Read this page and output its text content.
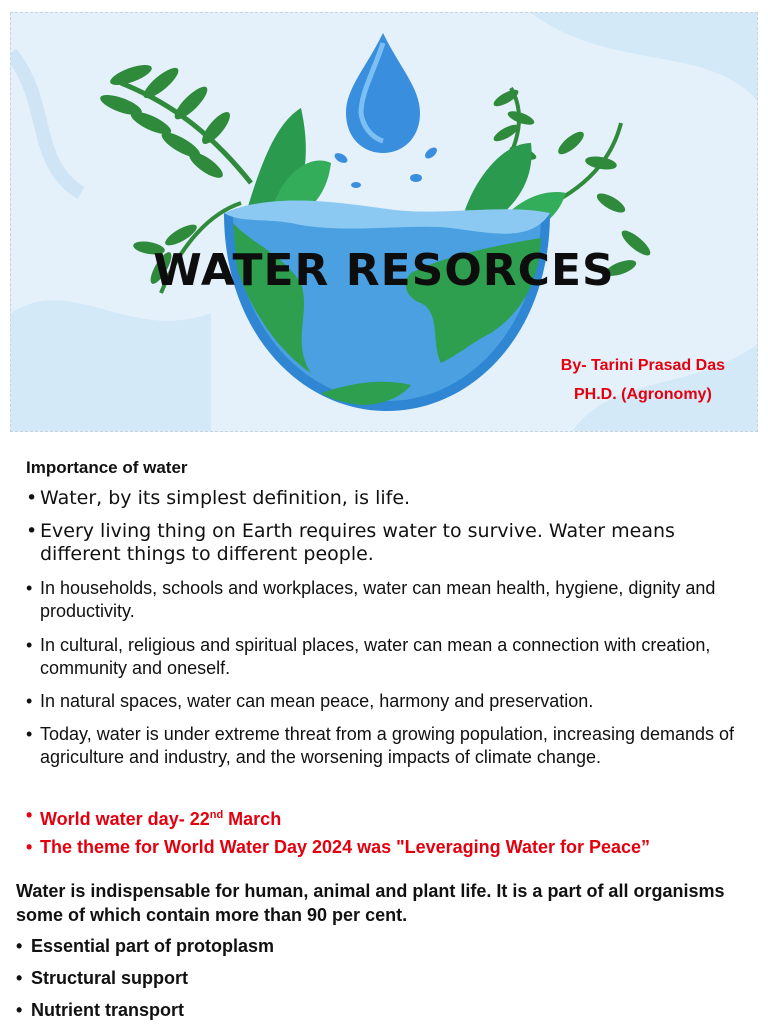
WATER RESORCES
By- Tarini Prasad Das
PH.D. (Agronomy)
Importance of water
• Water, by its simplest definition, is life.
• Every living thing on Earth requires water to survive. Water means different things to different people.
• In households, schools and workplaces, water can mean health, hygiene, dignity and productivity.
• In cultural, religious and spiritual places, water can mean a connection with creation, community and oneself.
• In natural spaces, water can mean peace, harmony and preservation.
• Today, water is under extreme threat from a growing population, increasing demands of agriculture and industry, and the worsening impacts of climate change.
• World water day- 22nd March
• The theme for World Water Day 2024 was "Leveraging Water for Peace”
Water is indispensable for human, animal and plant life. It is a part of all organisms some of which contain more than 90 per cent.
• Essential part of protoplasm
• Structural support
• Nutrient transport
